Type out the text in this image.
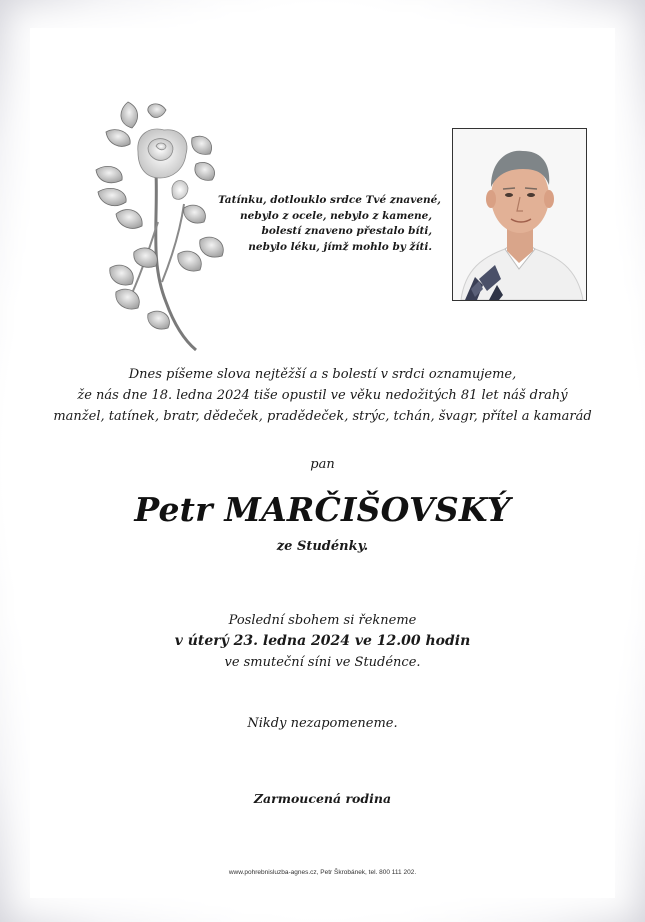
Tatínku, dotlouklo srdce Tvé znavené,
nebylo z ocele, nebylo z kamene,
bolestí znaveno přestalo bíti,
nebylo léku, jímž mohlo by žíti.
Dnes píšeme slova nejtěžší a s bolestí v srdci oznamujeme,
že nás dne 18. ledna 2024 tiše opustil ve věku nedožitých 81 let náš drahý
manžel, tatínek, bratr, dědeček, pradědeček, strýc, tchán, švagr, přítel a kamarád
pan
Petr MARČIŠOVSKÝ
ze Studénky.
Poslední sbohem si řekneme
v úterý 23. ledna 2024 ve 12.00 hodin
ve smuteční síni ve Studénce.
Nikdy nezapomeneme.
Zarmoucená rodina
www.pohrebnisluzba-agnes.cz, Petr Škrobánek, tel. 800 111 202.
